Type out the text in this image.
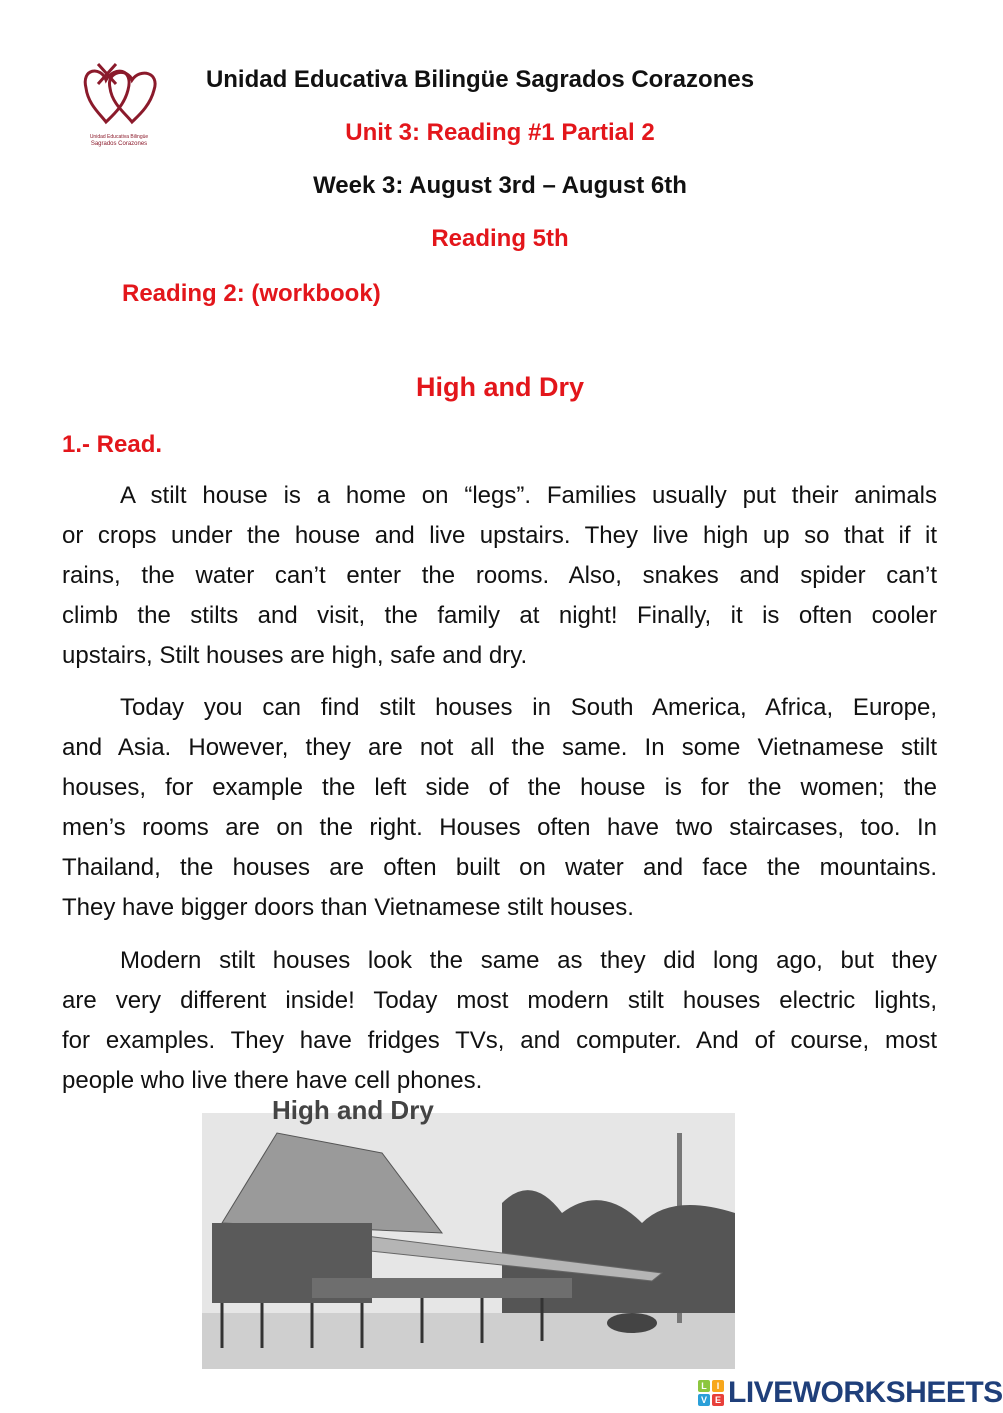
Unidad Educativa Bilingüe
Sagrados Corazones
Unidad Educativa Bilingüe Sagrados Corazones
Unit 3: Reading #1 Partial 2
Week 3: August 3rd – August 6th
Reading 5th
Reading 2: (workbook)
High and Dry
1.- Read.
A stilt house is a home on “legs”. Families usually put their animals
or crops under the house and live upstairs. They live high up so that if it
rains, the water can’t enter the rooms. Also, snakes and spider can’t
climb the stilts and visit, the family at night! Finally, it is often cooler
upstairs, Stilt houses are high, safe and dry.
Today you can find stilt houses in South America, Africa, Europe,
and Asia. However, they are not all the same. In some Vietnamese stilt
houses, for example the left side of the house is for the women; the
men’s rooms are on the right. Houses often have two staircases, too. In
Thailand, the houses are often built on water and face the mountains.
They have bigger doors than Vietnamese stilt houses.
Modern stilt houses look the same as they did long ago, but they
are very different inside! Today most modern stilt houses electric lights,
for examples. They have fridges TVs, and computer. And of course, most
people who live there have cell phones.
High and Dry
L	I
V E LIVEWORKSHEETS
